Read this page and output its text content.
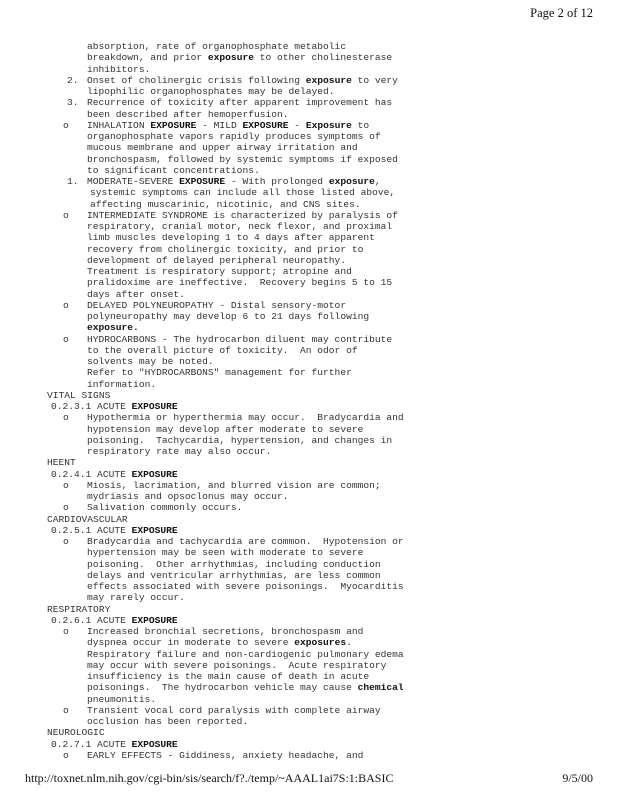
Page 2 of 12
absorption, rate of organophosphate metabolic
breakdown, and prior exposure to other cholinesterase
inhibitors.
2. Onset of cholinergic crisis following exposure to very
lipophilic organophosphates may be delayed.
3. Recurrence of toxicity after apparent improvement has
been described after hemoperfusion.
o INHALATION EXPOSURE - MILD EXPOSURE - Exposure to
organophosphate vapors rapidly produces symptoms of
mucous membrane and upper airway irritation and
bronchospasm, followed by systemic symptoms if exposed
to significant concentrations.
1. MODERATE-SEVERE EXPOSURE - With prolonged exposure,
systemic symptoms can include all those listed above,
affecting muscarinic, nicotinic, and CNS sites.
o INTERMEDIATE SYNDROME is characterized by paralysis of
respiratory, cranial motor, neck flexor, and proximal
limb muscles developing 1 to 4 days after apparent
recovery from cholinergic toxicity, and prior to
development of delayed peripheral neuropathy.
Treatment is respiratory support; atropine and
pralidoxime are ineffective.  Recovery begins 5 to 15
days after onset.
o DELAYED POLYNEUROPATHY - Distal sensory-motor
polyneuropathy may develop 6 to 21 days following
exposure.
o HYDROCARBONS - The hydrocarbon diluent may contribute
to the overall picture of toxicity.  An odor of
solvents may be noted.
Refer to "HYDROCARBONS" management for further
information.
VITAL SIGNS
0.2.3.1 ACUTE EXPOSURE
o Hypothermia or hyperthermia may occur.  Bradycardia and
hypotension may develop after moderate to severe
poisoning.  Tachycardia, hypertension, and changes in
respiratory rate may also occur.
HEENT
0.2.4.1 ACUTE EXPOSURE
o Miosis, lacrimation, and blurred vision are common;
mydriasis and opsoclonus may occur.
o Salivation commonly occurs.
CARDIOVASCULAR
0.2.5.1 ACUTE EXPOSURE
o Bradycardia and tachycardia are common.  Hypotension or
hypertension may be seen with moderate to severe
poisoning.  Other arrhythmias, including conduction
delays and ventricular arrhythmias, are less common
effects associated with severe poisonings.  Myocarditis
may rarely occur.
RESPIRATORY
0.2.6.1 ACUTE EXPOSURE
o Increased bronchial secretions, bronchospasm and
dyspnea occur in moderate to severe exposures.
Respiratory failure and non-cardiogenic pulmonary edema
may occur with severe poisonings.  Acute respiratory
insufficiency is the main cause of death in acute
poisonings.  The hydrocarbon vehicle may cause chemical
pneumonitis.
o Transient vocal cord paralysis with complete airway
occlusion has been reported.
NEUROLOGIC
0.2.7.1 ACUTE EXPOSURE
o EARLY EFFECTS - Giddiness, anxiety headache, and
http://toxnet.nlm.nih.gov/cgi-bin/sis/search/f?./temp/~AAAL1ai7S:1:BASIC	9/5/00
